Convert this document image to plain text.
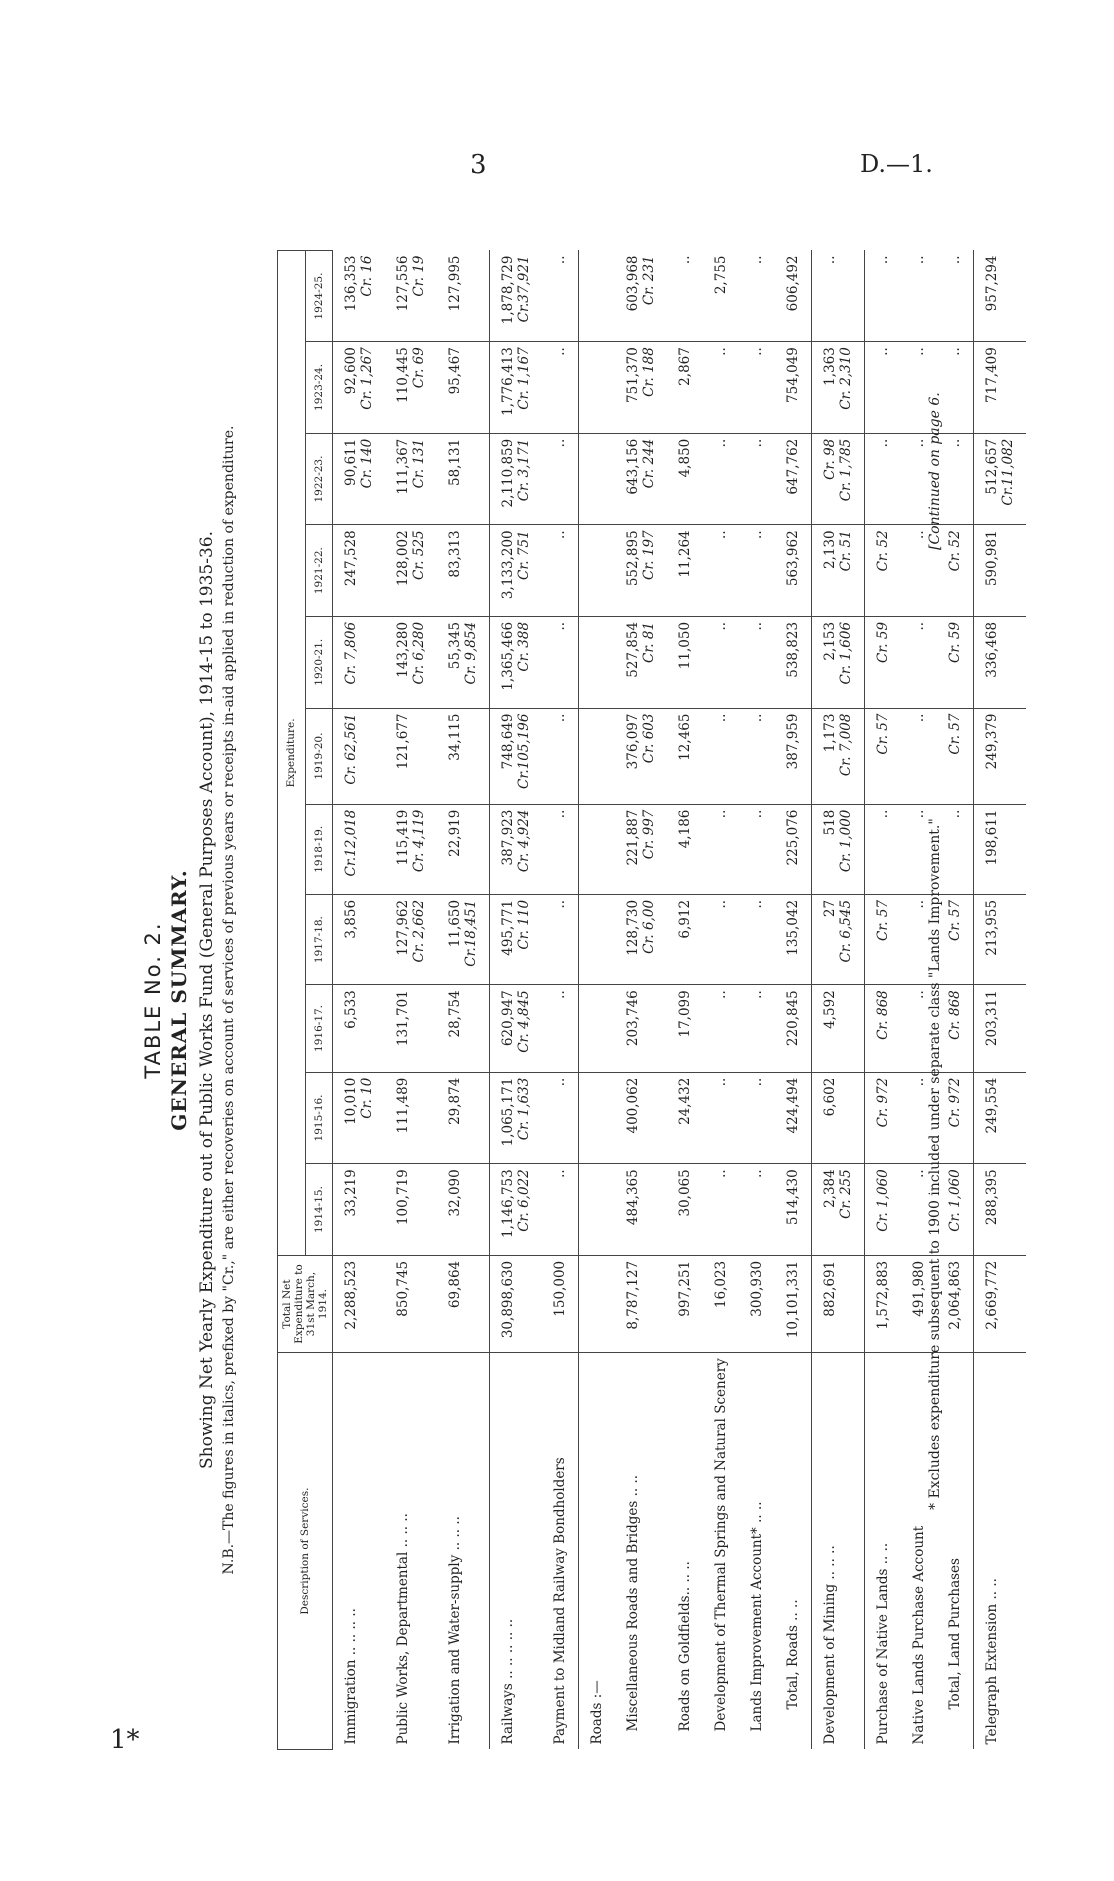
3	D.—1.
1*
TABLE No. 2. GENERAL SUMMARY. Showing Net Yearly Expenditure out of Public Works Fund (General Purposes Account), 1914-15 to 1935-36. N.B.—The figures in italics, prefixed by "Cr.," are either recoveries on account of services of previous years or receipts in-aid applied in reduction of expenditure.	Description of Services.	Total Net Expenditure to 31st March, 1914.	Expenditure.										
		1914-15.	1915-16.	1916-17.	1917-18.	1918-19.	1919-20.	1920-21.	1921-22.	1922-23.	1923-24.	1924-25.
Immigration .. .. .. ..	2,288,523	33,219	10,010 Cr. 10	6,533	3,856	Cr.12,018	Cr. 62,561	Cr. 7,806	247,528	90,611 Cr. 140	92,600 Cr. 1,267	136,353 Cr. 16

Public Works, Departmental .. .. ..	850,745	100,719	111,489	131,701	127,962 Cr. 2,662	115,419 Cr. 4,119	121,677	143,280 Cr. 6,280	128,002 Cr. 525	111,367 Cr. 131	110,445 Cr. 69	127,556 Cr. 19

Irrigation and Water-supply .. .. ..	69,864	32,090	29,874	28,754	11,650 Cr.18,451	22,919	34,115	55,345 Cr. 9,854	83,313	58,131	95,467	127,995

Railways .. .. .. .. ..	30,898,630	1,146,753 Cr. 6,022	1,065,171 Cr. 1,633	620,947 Cr. 4,845	495,771 Cr. 110	387,923 Cr. 4,924	748,649 Cr.105,196	1,365,466 Cr. 388	3,133,200 Cr. 751	2,110,859 Cr. 3,171	1,776,413 Cr. 1,167	1,878,729 Cr.37,921

Payment to Midland Railway Bondholders	150,000	..	..	..	..	..	..	..	..	..	..	..

Roads :—												
Miscellaneous Roads and Bridges .. ..	8,787,127	484,365	400,062	203,746	128,730 Cr. 6,00	221,887 Cr. 997	376,097 Cr. 603	527,854 Cr. 81	552,895 Cr. 197	643,156 Cr. 244	751,370 Cr. 188	603,968 Cr. 231

Roads on Goldfields.. .. ..	997,251	30,065	24,432	17,099	6,912	4,186	12,465	11,050	11,264	4,850	2,867	..

Development of Thermal Springs and Natural Scenery	16,023	..	..	..	..	..	..	..	..	..	..	2,755

Lands Improvement Account* .. ..	300,930	..	..	..	..	..	..	..	..	..	..	..

Total, Roads .. ..	10,101,331	514,430	424,494	220,845	135,042	225,076	387,959	538,823	563,962	647,762	754,049	606,492

Development of Mining .. .. ..	882,691	2,384 Cr. 255	6,602	4,592	27 Cr. 6,545	518 Cr. 1,000	1,173 Cr. 7,008	2,153 Cr. 1,606	2,130 Cr. 51	Cr. 98 Cr. 1,785	1,363 Cr. 2,310	..

Purchase of Native Lands .. ..	1,572,883	Cr. 1,060	Cr. 972	Cr. 868	Cr. 57	..	Cr. 57	Cr. 59	Cr. 52	..	..	..

Native Lands Purchase Account	491,980	..	..	..	..	..	..	..	..	..	..	..

Total, Land Purchases	2,064,863	Cr. 1,060	Cr. 972	Cr. 868	Cr. 57	..	Cr. 57	Cr. 59	Cr. 52	..	..	..

Telegraph Extension .. ..	2,669,772	288,395	249,554	203,311	213,955	198,611	249,379	336,468	590,981	512,657 Cr.11,082	717,409	957,294
* Excludes expenditure subsequent to 1900 included under separate class "Lands Improvement."
[Continued on page 6.
